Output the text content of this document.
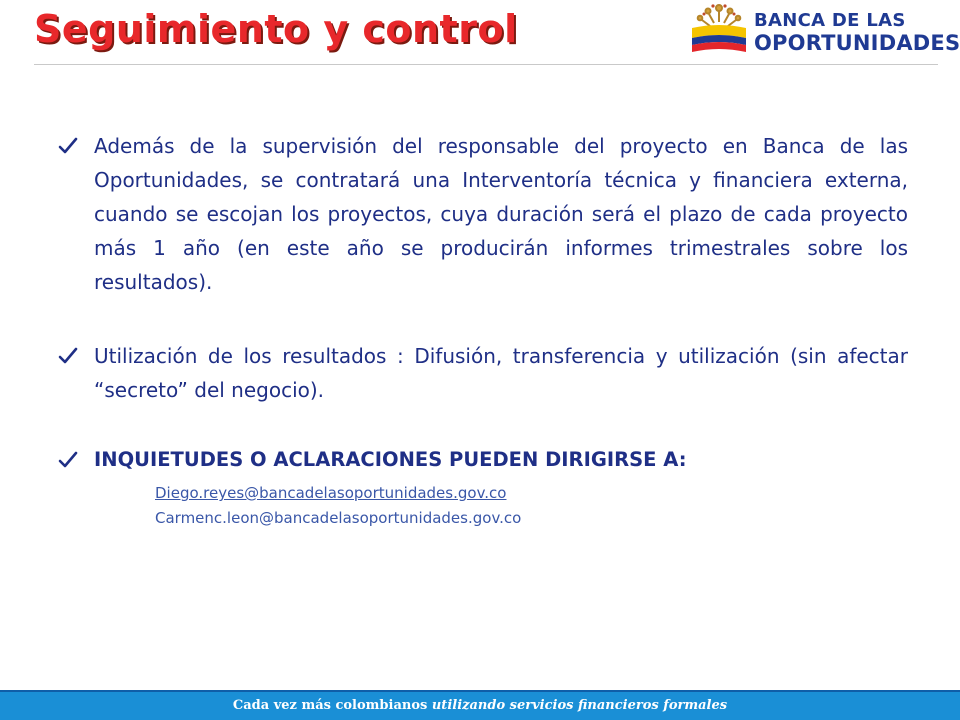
Seguimiento y control	BANCA DE LAS
OPORTUNIDADES
Además de la supervisión del responsable del proyecto en Banca de las Oportunidades, se contratará una Interventoría técnica y financiera externa, cuando se escojan los proyectos, cuya duración será el plazo de cada proyecto más 1 año (en este año se producirán informes trimestrales sobre los resultados).
Utilización de los resultados : Difusión, transferencia y utilización (sin afectar “secreto” del negocio).
INQUIETUDES O ACLARACIONES PUEDEN DIRIGIRSE A:
Diego.reyes@bancadelasoportunidades.gov.co
Carmenc.leon@bancadelasoportunidades.gov.co
Cada vez más colombianos utilizando servicios financieros formales
